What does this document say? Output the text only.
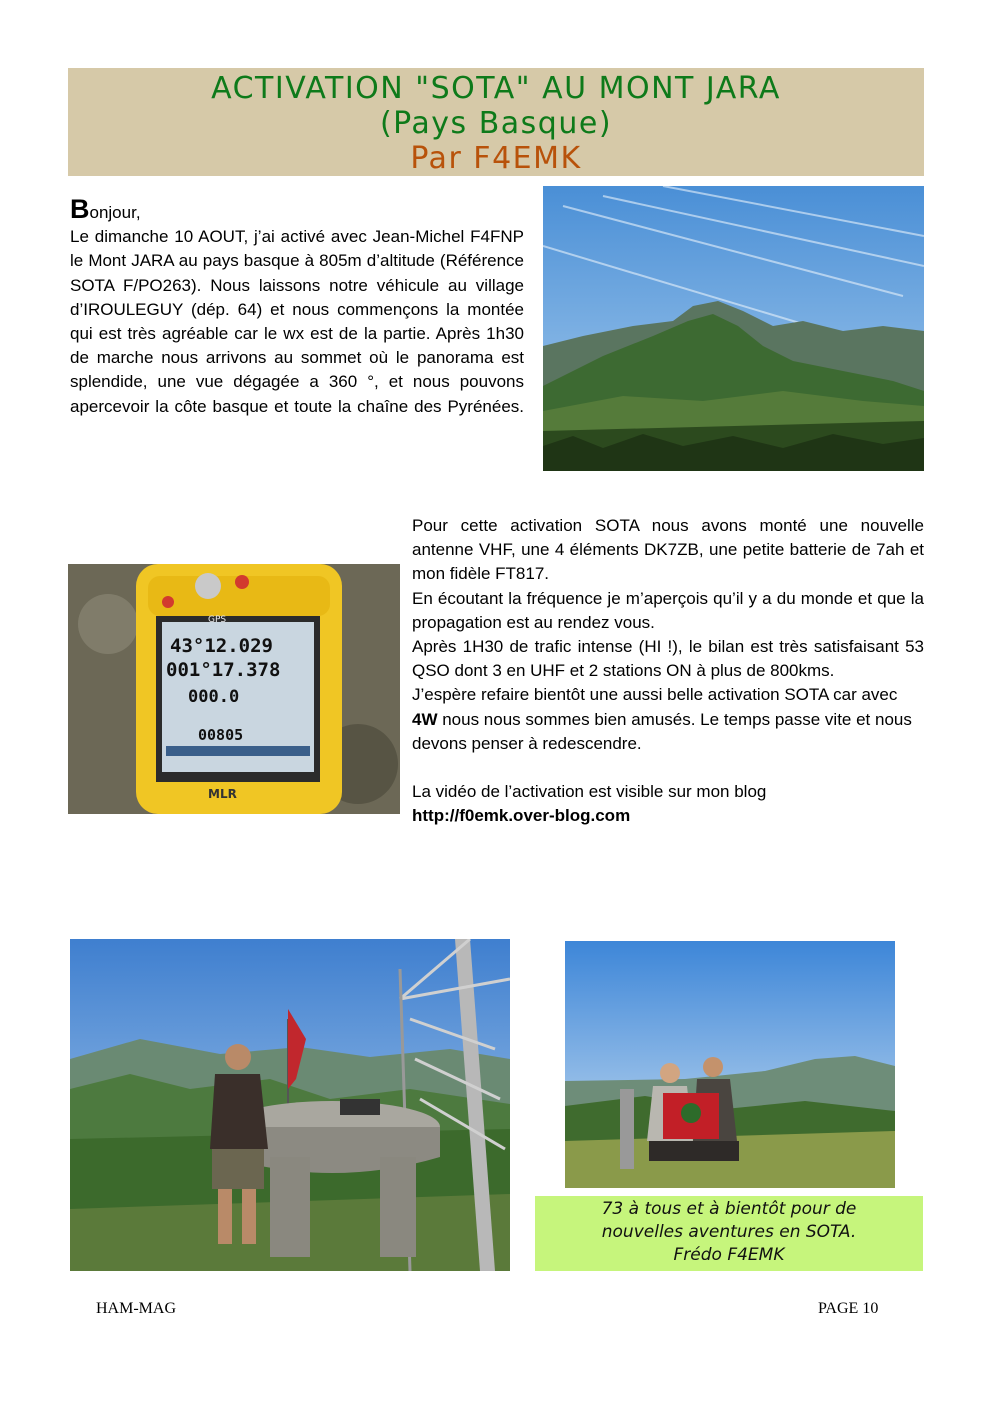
ACTIVATION "SOTA" AU MONT JARA
(Pays Basque)
Par F4EMK

Bonjour,

Le dimanche 10 AOUT, j’ai activé avec Jean-Michel F4FNP le Mont JARA au pays basque à 805m d’altitude (Référence SOTA F/PO263). Nous laissons notre véhicule au village d’IROULEGUY (dép. 64) et nous commençons la montée qui est très agréable car le wx est de la partie. Après 1h30 de marche nous arrivons au sommet où le panorama est splendide, une vue dégagée a 360 °, et nous pouvons apercevoir la côte basque et toute la chaîne des Pyrénées.

GPS
43°12.029
001°17.378
000.0
00805
MLR

Pour cette activation SOTA nous avons monté une nouvelle antenne VHF, une 4 éléments DK7ZB, une petite batterie de 7ah et mon fidèle FT817.

En écoutant la fréquence je m’aperçois qu’il y a du monde et que la propagation est au rendez vous.

Après 1H30 de trafic intense (HI !), le bilan est très satisfaisant 53 QSO dont 3 en UHF et 2 stations ON à plus de 800kms.

J’espère refaire bientôt une aussi belle activation SOTA car avec 4W nous nous sommes bien amusés. Le temps passe vite et nous devons penser à redescendre.

La vidéo de l’activation est visible sur mon blog

http://f0emk.over-blog.com

73 à tous et à bientôt pour de
nouvelles aventures en SOTA.
Frédo F4EMK
HAM-MAG	PAGE 10
